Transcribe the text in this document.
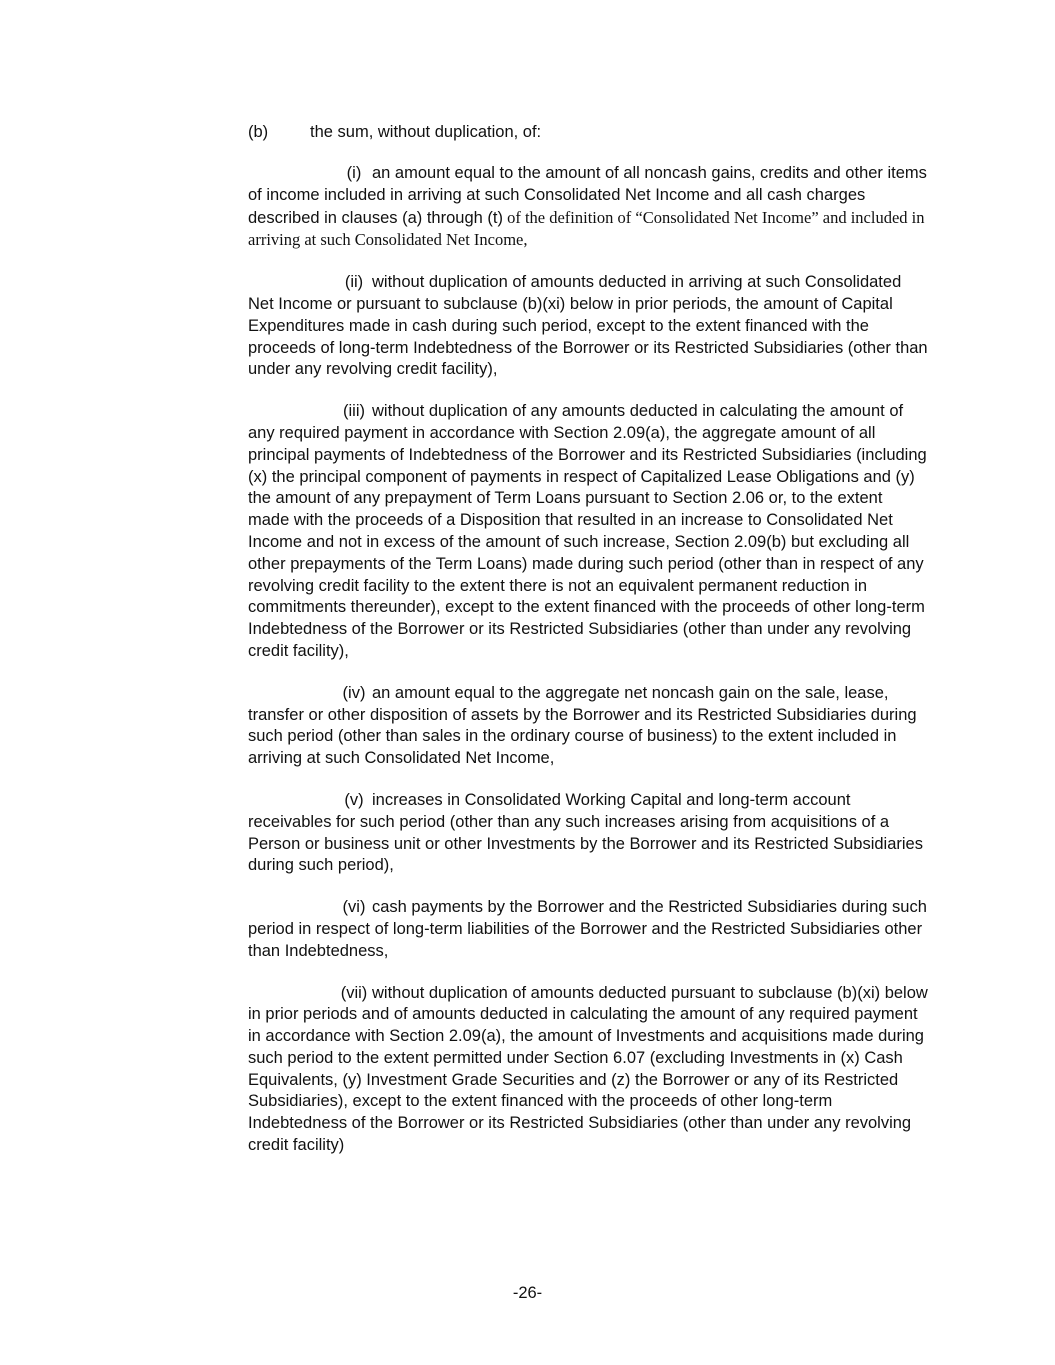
(b)	the sum, without duplication, of:

(i) an amount equal to the amount of all noncash gains, credits and other items of income included in arriving at such Consolidated Net Income and all cash charges described in clauses (a) through (t) of the definition of “Consolidated Net Income” and included in arriving at such Consolidated Net Income,

(ii) without duplication of amounts deducted in arriving at such Consolidated Net Income or pursuant to subclause (b)(xi) below in prior periods, the amount of Capital Expenditures made in cash during such period, except to the extent financed with the proceeds of long-term Indebtedness of the Borrower or its Restricted Subsidiaries (other than under any revolving credit facility),

(iii) without duplication of any amounts deducted in calculating the amount of any required payment in accordance with Section 2.09(a), the aggregate amount of all principal payments of Indebtedness of the Borrower and its Restricted Subsidiaries (including (x) the principal component of payments in respect of Capitalized Lease Obligations and (y) the amount of any prepayment of Term Loans pursuant to Section 2.06 or, to the extent made with the proceeds of a Disposition that resulted in an increase to Consolidated Net Income and not in excess of the amount of such increase, Section 2.09(b) but excluding all other prepayments of the Term Loans) made during such period (other than in respect of any revolving credit facility to the extent there is not an equivalent permanent reduction in commitments thereunder), except to the extent financed with the proceeds of other long-term Indebtedness of the Borrower or its Restricted Subsidiaries (other than under any revolving credit facility),

(iv) an amount equal to the aggregate net noncash gain on the sale, lease, transfer or other disposition of assets by the Borrower and its Restricted Subsidiaries during such period (other than sales in the ordinary course of business) to the extent included in arriving at such Consolidated Net Income,

(v) increases in Consolidated Working Capital and long-term account receivables for such period (other than any such increases arising from acquisitions of a Person or business unit or other Investments by the Borrower and its Restricted Subsidiaries during such period),

(vi) cash payments by the Borrower and the Restricted Subsidiaries during such period in respect of long-term liabilities of the Borrower and the Restricted Subsidiaries other than Indebtedness,

(vii) without duplication of amounts deducted pursuant to subclause (b)(xi) below in prior periods and of amounts deducted in calculating the amount of any required payment in accordance with Section 2.09(a), the amount of Investments and acquisitions made during such period to the extent permitted under Section 6.07 (excluding Investments in (x) Cash Equivalents, (y) Investment Grade Securities and (z) the Borrower or any of its Restricted Subsidiaries), except to the extent financed with the proceeds of other long-term Indebtedness of the Borrower or its Restricted Subsidiaries (other than under any revolving credit facility)

-26-
